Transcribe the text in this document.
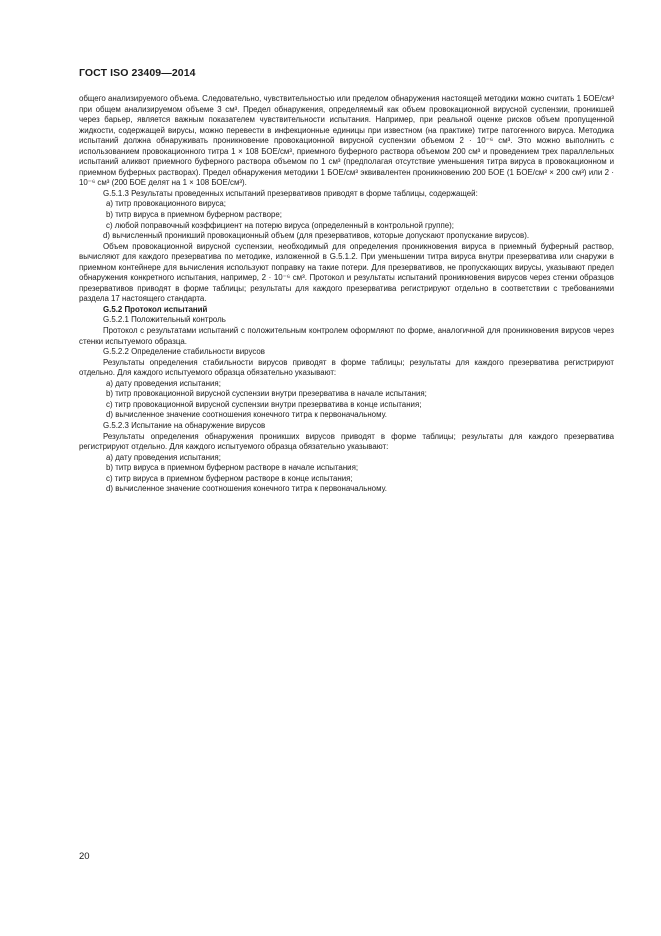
ГОСТ ISO 23409—2014

общего анализируемого объема. Следовательно, чувствительностью или пределом обнаружения настоящей методики можно считать 1 БОЕ/см³ при общем анализируемом объеме 3 см³. Предел обнаружения, определяемый как объем провокационной вирусной суспензии, проникшей через барьер, является важным показателем чувствительности испытания. Например, при реальной оценке рисков объем пропущенной жидкости, содержащей вирусы, можно перевести в инфекционные единицы при известном (на практике) титре патогенного вируса. Методика испытаний должна обнаруживать проникновение провокационной вирусной суспензии объемом 2 · 10⁻⁶ см³. Это можно выполнить с использованием провокационного титра 1 × 108 БОЕ/см³, приемного буферного раствора объемом 200 см³ и проведением трех параллельных испытаний аликвот приемного буферного раствора объемом по 1 см³ (предполагая отсутствие уменьшения титра вируса в провокационном и приемном буферных растворах). Предел обнаружения методики 1 БОЕ/см³ эквивалентен проникновению 200 БОЕ (1 БОЕ/см³ × 200 см³) или 2 · 10⁻⁶ см³ (200 БОЕ делят на 1 × 108 БОЕ/см³).

G.5.1.3 Результаты проведенных испытаний презервативов приводят в форме таблицы, содержащей:

a) титр провокационного вируса;

b) титр вируса в приемном буферном растворе;

c) любой поправочный коэффициент на потерю вируса (определенный в контрольной группе);

d) вычисленный проникший провокационный объем (для презервативов, которые допускают пропускание вирусов).

Объем провокационной вирусной суспензии, необходимый для определения проникновения вируса в приемный буферный раствор, вычисляют для каждого презерватива по методике, изложенной в G.5.1.2. При уменьшении титра вируса внутри презерватива или снаружи в приемном контейнере для вычисления используют поправку на такие потери. Для презервативов, не пропускающих вирусы, указывают предел обнаружения конкретного испытания, например, 2 · 10⁻⁶ см³. Протокол и результаты испытаний проникновения вирусов через стенки образцов презервативов приводят в форме таблицы; результаты для каждого презерватива регистрируют отдельно в соответствии с требованиями раздела 17 настоящего стандарта.

G.5.2 Протокол испытаний

G.5.2.1 Положительный контроль

Протокол с результатами испытаний с положительным контролем оформляют по форме, аналогичной для проникновения вирусов через стенки испытуемого образца.

G.5.2.2 Определение стабильности вирусов

Результаты определения стабильности вирусов приводят в форме таблицы; результаты для каждого презерватива регистрируют отдельно. Для каждого испытуемого образца обязательно указывают:

a) дату проведения испытания;

b) титр провокационной вирусной суспензии внутри презерватива в начале испытания;

c) титр провокационной вирусной суспензии внутри презерватива в конце испытания;

d) вычисленное значение соотношения конечного титра к первоначальному.

G.5.2.3 Испытание на обнаружение вирусов

Результаты определения обнаружения проникших вирусов приводят в форме таблицы; результаты для каждого презерватива регистрируют отдельно. Для каждого испытуемого образца обязательно указывают:

a) дату проведения испытания;

b) титр вируса в приемном буферном растворе в начале испытания;

c) титр вируса в приемном буферном растворе в конце испытания;

d) вычисленное значение соотношения конечного титра к первоначальному.

20
